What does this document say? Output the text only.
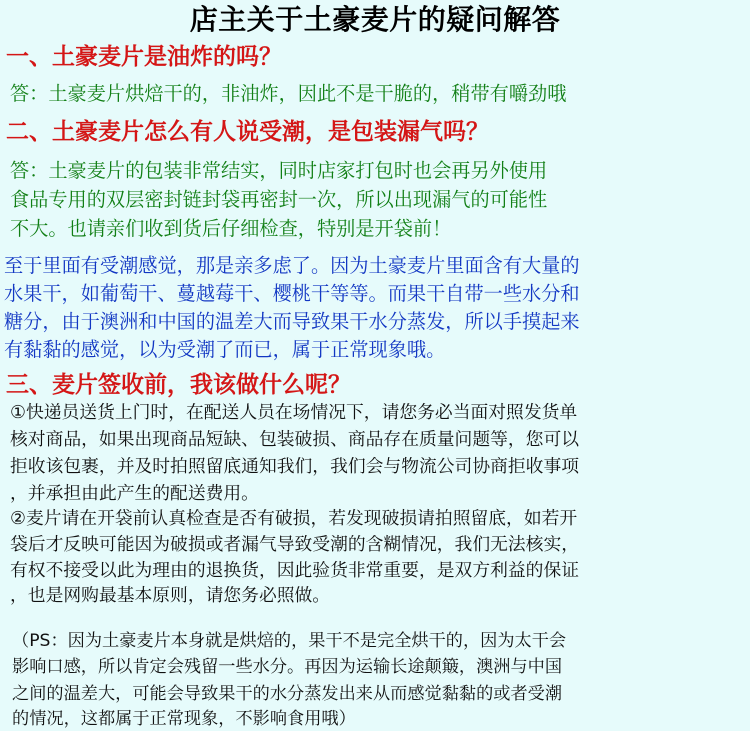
店主关于土豪麦片的疑问解答
一、土豪麦片是油炸的吗？
答：土豪麦片烘焙干的，非油炸，因此不是干脆的，稍带有嚼劲哦
二、土豪麦片怎么有人说受潮，是包装漏气吗？
答：土豪麦片的包装非常结实，同时店家打包时也会再另外使用
食品专用的双层密封链封袋再密封一次，所以出现漏气的可能性
不大。也请亲们收到货后仔细检查，特别是开袋前！
至于里面有受潮感觉，那是亲多虑了。因为土豪麦片里面含有大量的
水果干，如葡萄干、蔓越莓干、樱桃干等等。而果干自带一些水分和
糖分，由于澳洲和中国的温差大而导致果干水分蒸发，所以手摸起来
有黏黏的感觉，以为受潮了而已，属于正常现象哦。
三、麦片签收前，我该做什么呢？
①快递员送货上门时，在配送人员在场情况下，请您务必当面对照发货单
核对商品，如果出现商品短缺、包装破损、商品存在质量问题等，您可以
拒收该包裹，并及时拍照留底通知我们，我们会与物流公司协商拒收事项
，并承担由此产生的配送费用。
②麦片请在开袋前认真检查是否有破损，若发现破损请拍照留底，如若开
袋后才反映可能因为破损或者漏气导致受潮的含糊情况，我们无法核实，
有权不接受以此为理由的退换货，因此验货非常重要，是双方利益的保证
，也是网购最基本原则，请您务必照做。
（PS：因为土豪麦片本身就是烘焙的，果干不是完全烘干的，因为太干会
影响口感，所以肯定会残留一些水分。再因为运输长途颠簸，澳洲与中国
之间的温差大，可能会导致果干的水分蒸发出来从而感觉黏黏的或者受潮
的情况，这都属于正常现象，不影响食用哦）
